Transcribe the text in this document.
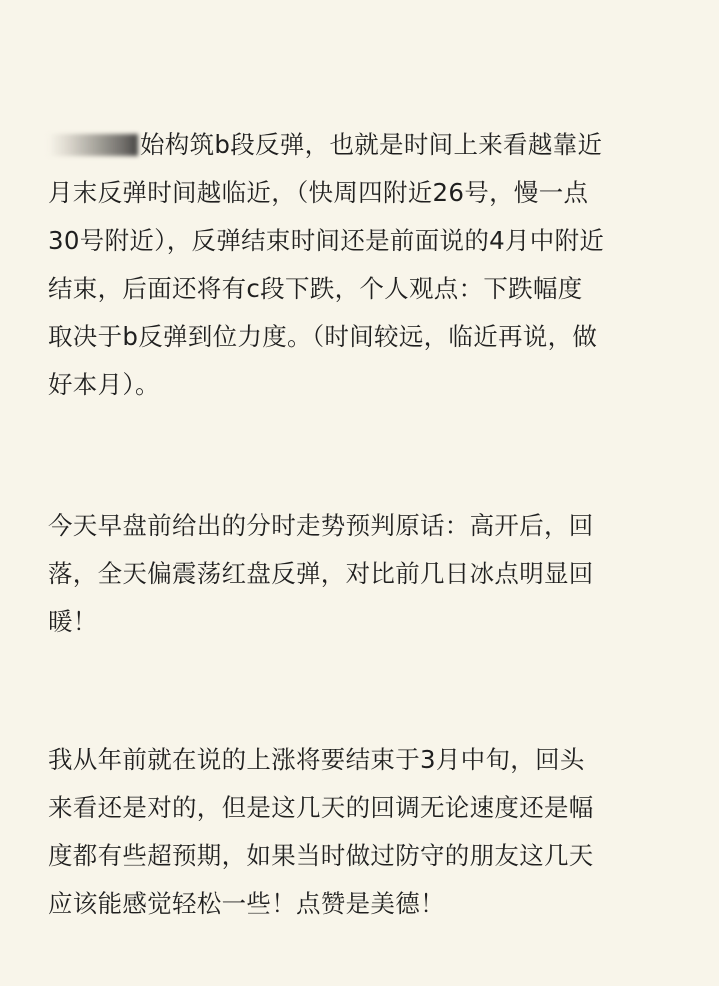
始构筑b段反弹，也就是时间上来看越靠近
月末反弹时间越临近，（快周四附近26号，慢一点
30号附近），反弹结束时间还是前面说的4月中附近
结束，后面还将有c段下跌，个人观点：下跌幅度
取决于b反弹到位力度。（时间较远，临近再说，做
好本月）。
今天早盘前给出的分时走势预判原话：高开后，回
落，全天偏震荡红盘反弹，对比前几日冰点明显回
暖！
我从年前就在说的上涨将要结束于3月中旬，回头
来看还是对的，但是这几天的回调无论速度还是幅
度都有些超预期，如果当时做过防守的朋友这几天
应该能感觉轻松一些！点赞是美德！
